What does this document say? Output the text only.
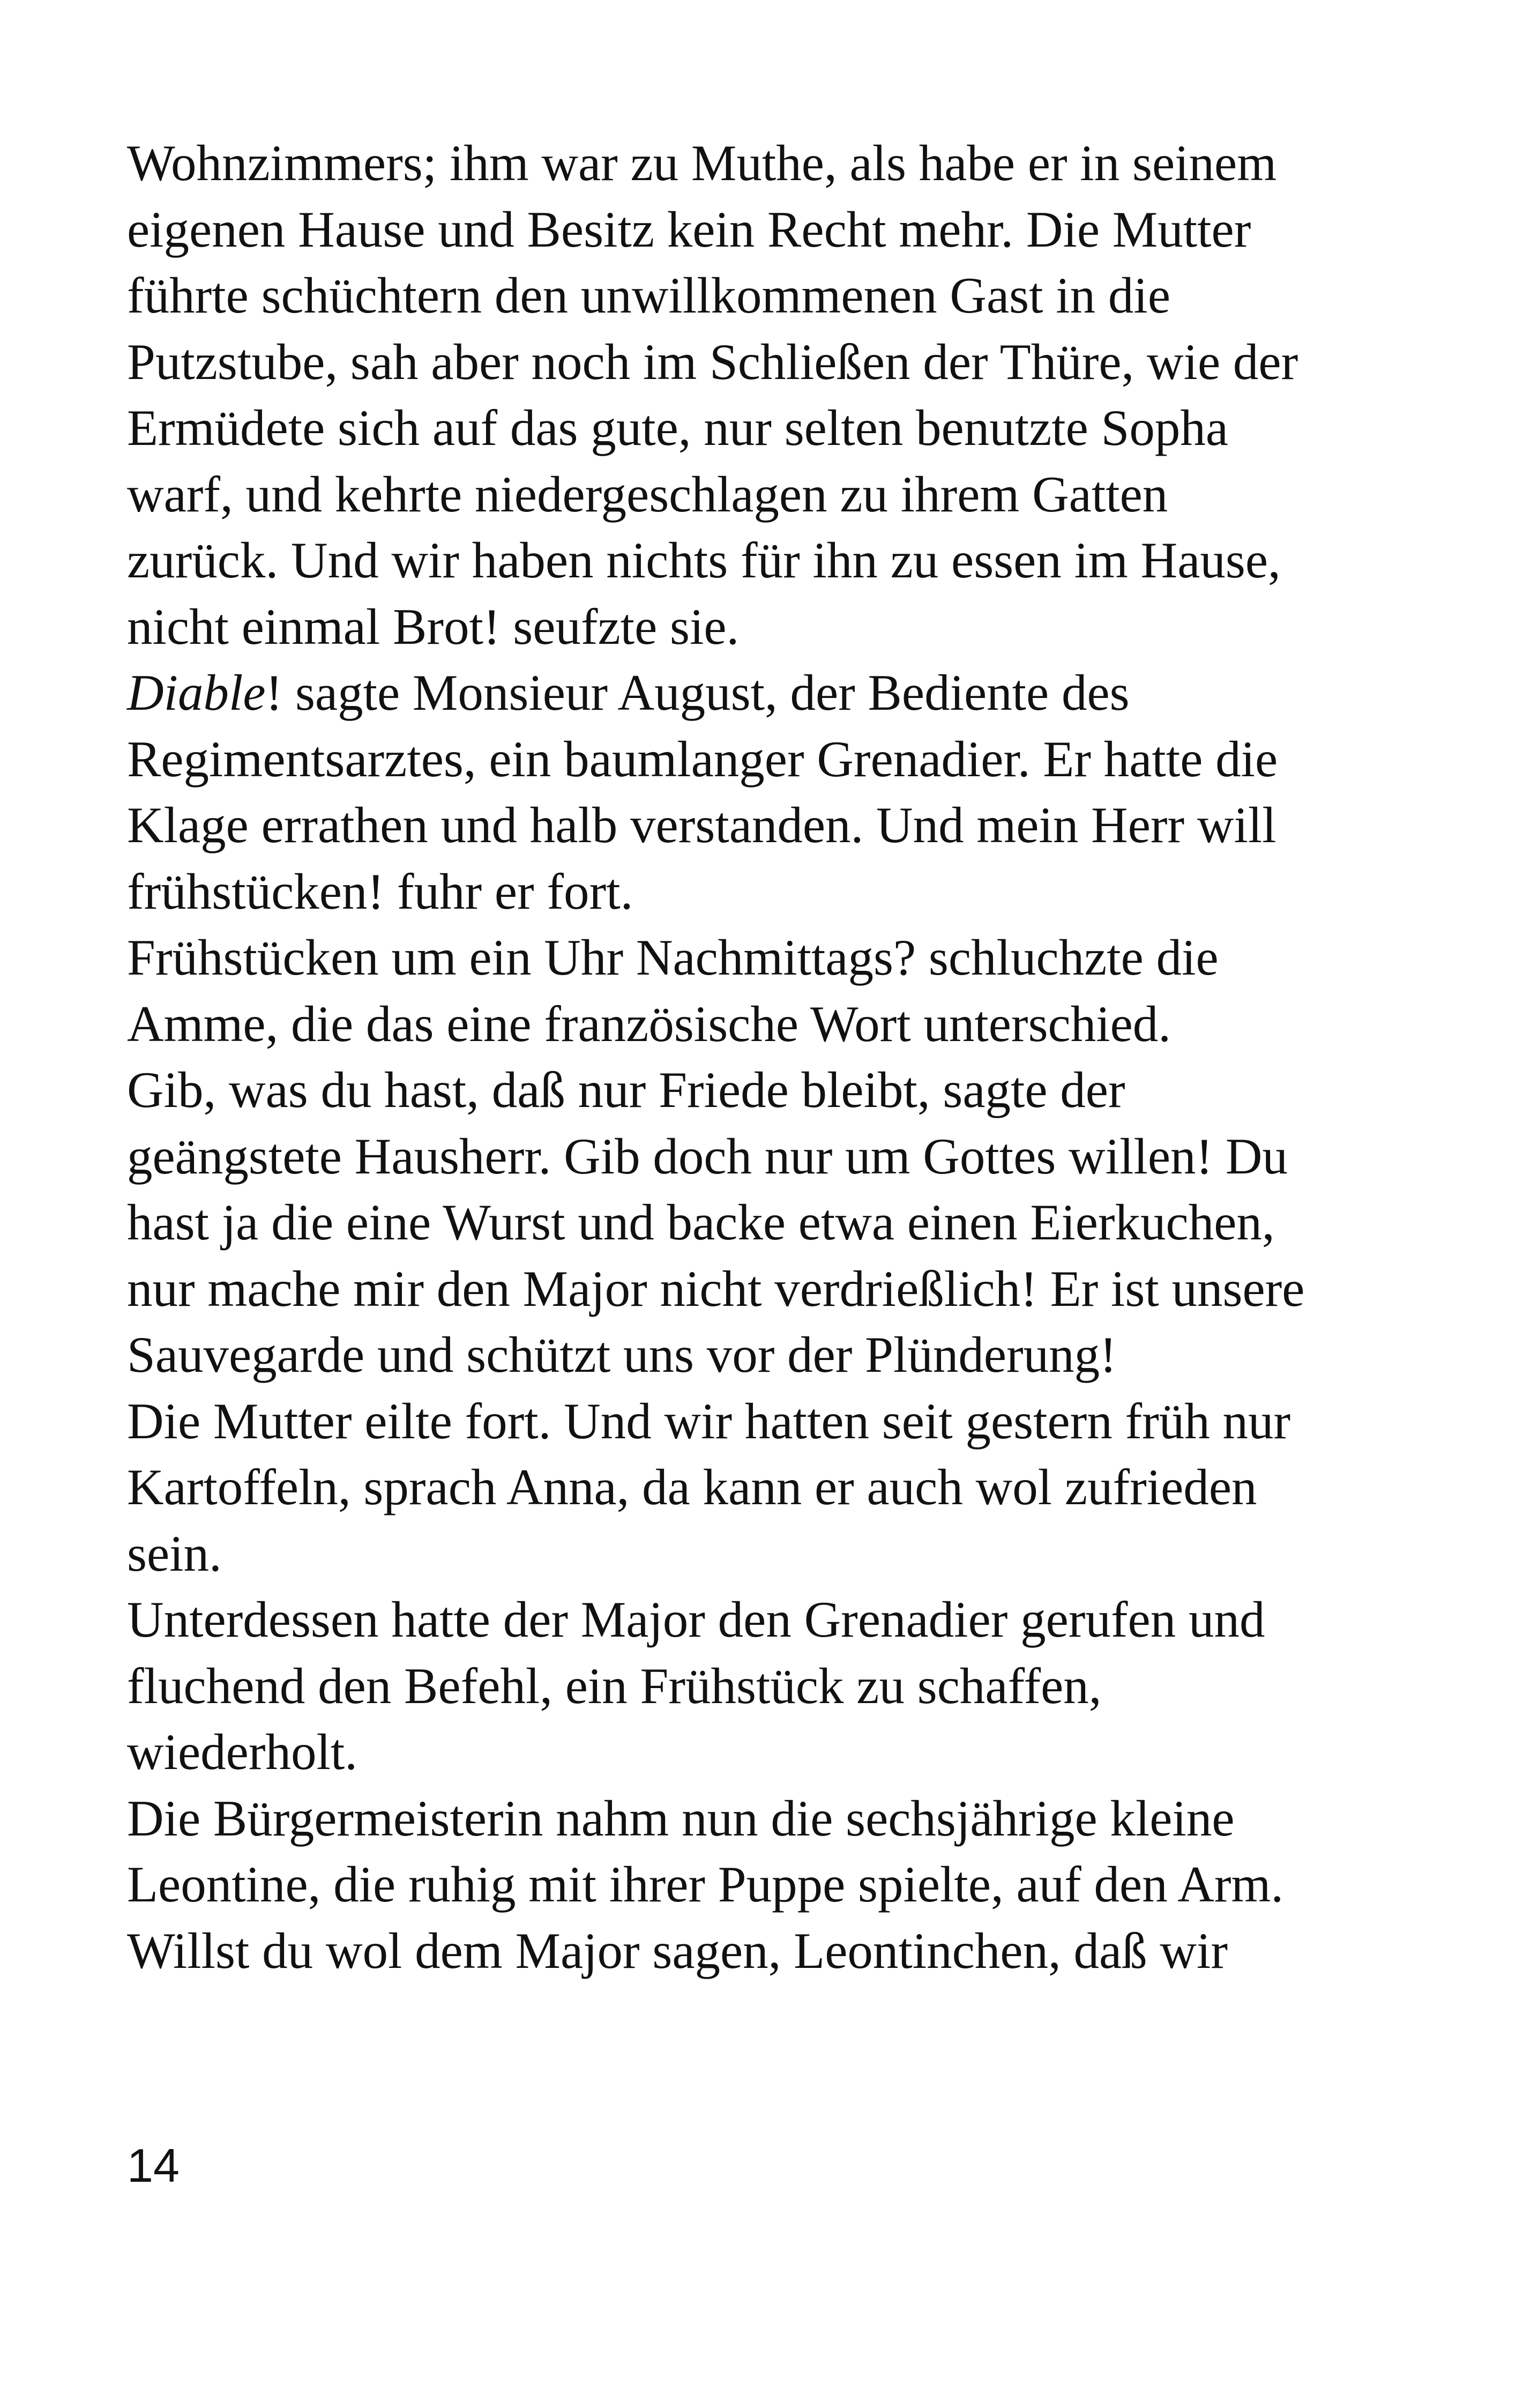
Wohnzimmers; ihm war zu Muthe, als habe er in seinem
eigenen Hause und Besitz kein Recht mehr. Die Mutter
führte schüchtern den unwillkommenen Gast in die
Putzstube, sah aber noch im Schließen der Thüre, wie der
Ermüdete sich auf das gute, nur selten benutzte Sopha
warf, und kehrte niedergeschlagen zu ihrem Gatten
zurück. Und wir haben nichts für ihn zu essen im Hause,
nicht einmal Brot! seufzte sie.
Diable! sagte Monsieur August, der Bediente des
Regimentsarztes, ein baumlanger Grenadier. Er hatte die
Klage errathen und halb verstanden. Und mein Herr will
frühstücken! fuhr er fort.
Frühstücken um ein Uhr Nachmittags? schluchzte die
Amme, die das eine französische Wort unterschied.
Gib, was du hast, daß nur Friede bleibt, sagte der
geängstete Hausherr. Gib doch nur um Gottes willen! Du
hast ja die eine Wurst und backe etwa einen Eierkuchen,
nur mache mir den Major nicht verdrießlich! Er ist unsere
Sauvegarde und schützt uns vor der Plünderung!
Die Mutter eilte fort. Und wir hatten seit gestern früh nur
Kartoffeln, sprach Anna, da kann er auch wol zufrieden
sein.
Unterdessen hatte der Major den Grenadier gerufen und
fluchend den Befehl, ein Frühstück zu schaffen,
wiederholt.
Die Bürgermeisterin nahm nun die sechsjährige kleine
Leontine, die ruhig mit ihrer Puppe spielte, auf den Arm.
Willst du wol dem Major sagen, Leontinchen, daß wir
14
